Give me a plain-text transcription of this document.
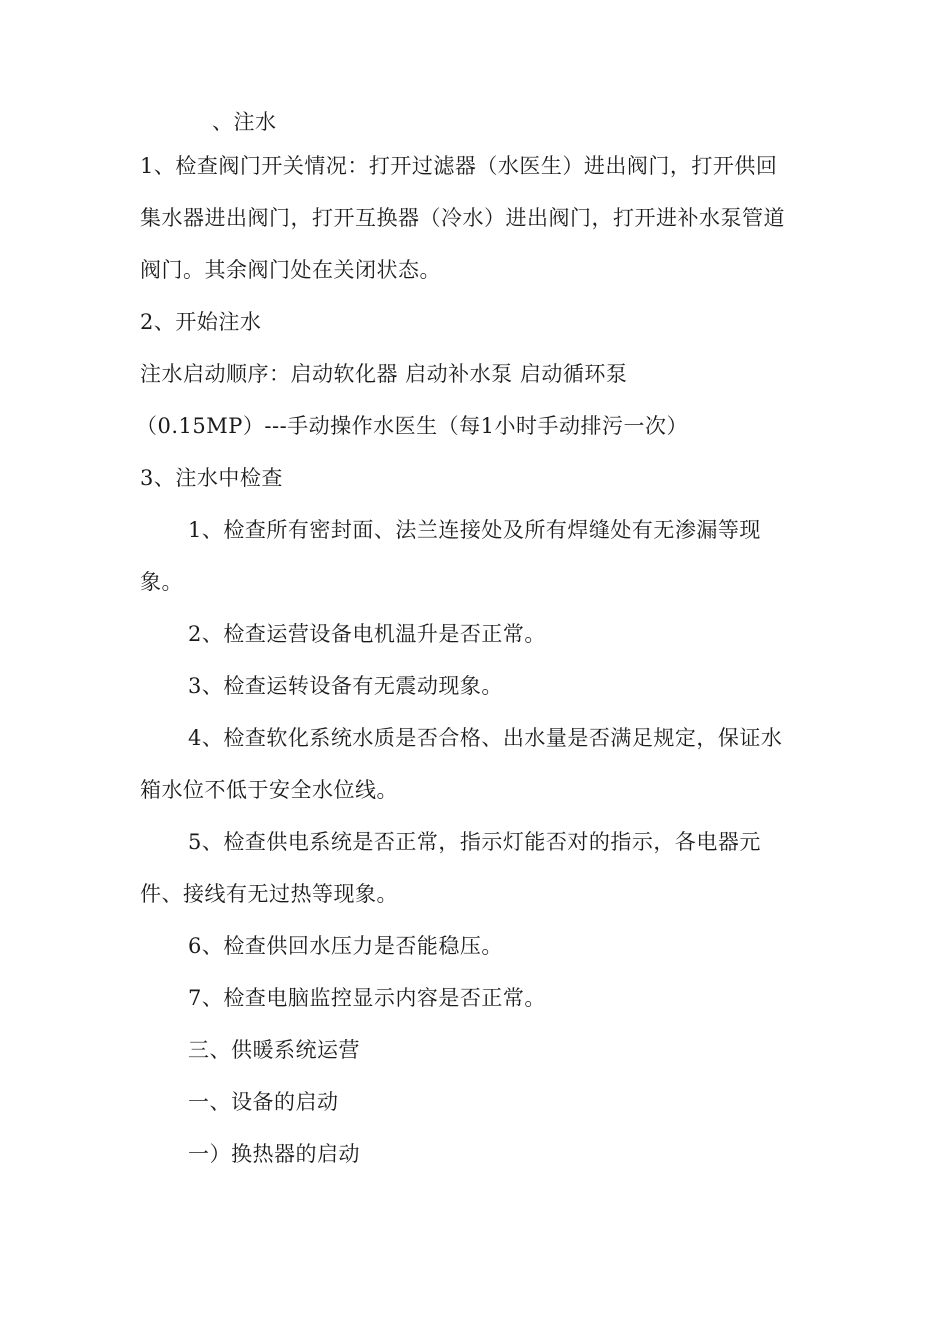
、注水
1、检查阀门开关情况：打开过滤器（水医生）进出阀门，打开供回
集水器进出阀门，打开互换器（冷水）进出阀门，打开进补水泵管道
阀门。其余阀门处在关闭状态。
2、开始注水
注水启动顺序：启动软化器 启动补水泵 启动循环泵
（0.15MP）---手动操作水医生（每1小时手动排污一次）
3、注水中检查
1、检查所有密封面、法兰连接处及所有焊缝处有无渗漏等现
象。
2、检查运营设备电机温升是否正常。
3、检查运转设备有无震动现象。
4、检查软化系统水质是否合格、出水量是否满足规定，保证水
箱水位不低于安全水位线。
5、检查供电系统是否正常，指示灯能否对的指示，各电器元
件、接线有无过热等现象。
6、检查供回水压力是否能稳压。
7、检查电脑监控显示内容是否正常。
三、供暖系统运营
一、设备的启动
一）换热器的启动
